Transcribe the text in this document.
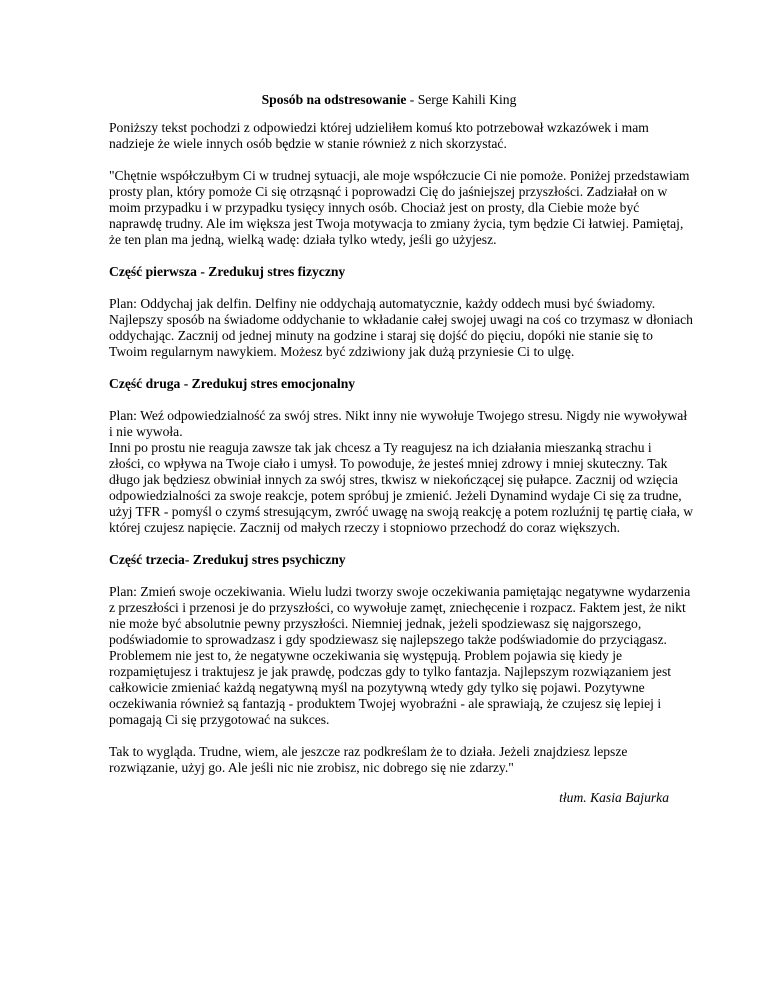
Sposób na odstresowanie - Serge Kahili King

Poniższy tekst pochodzi z odpowiedzi której udzieliłem komuś kto potrzebował wzkazówek i mam
nadzieje że wiele innych osób będzie w stanie również z nich skorzystać.

"Chętnie współczułbym Ci w trudnej sytuacji, ale moje współczucie Ci nie pomoże. Poniżej przedstawiam
prosty plan, który pomoże Ci się otrząsnąć i poprowadzi Cię do jaśniejszej przyszłości. Zadziałał on w
moim przypadku i w przypadku tysięcy innych osób. Chociaż jest on prosty, dla Ciebie może być
naprawdę trudny. Ale im większa jest Twoja motywacja to zmiany życia, tym będzie Ci łatwiej. Pamiętaj,
że ten plan ma jedną, wielką wadę: działa tylko wtedy, jeśli go użyjesz.

Część pierwsza - Zredukuj stres fizyczny

Plan: Oddychaj jak delfin. Delfiny nie oddychają automatycznie, każdy oddech musi być świadomy.
Najlepszy sposób na świadome oddychanie to wkładanie całej swojej uwagi na coś co trzymasz w dłoniach
oddychając. Zacznij od jednej minuty na godzine i staraj się dojść do pięciu, dopóki nie stanie się to
Twoim regularnym nawykiem. Możesz być zdziwiony jak dużą przyniesie Ci to ulgę.

Część druga - Zredukuj stres emocjonalny

Plan: Weź odpowiedzialność za swój stres. Nikt inny nie wywołuje Twojego stresu. Nigdy nie wywoływał
i nie wywoła.
Inni po prostu nie reaguja zawsze tak jak chcesz a Ty reagujesz na ich działania mieszanką strachu i
złości, co wpływa na Twoje ciało i umysł. To powoduje, że jesteś mniej zdrowy i mniej skuteczny. Tak
długo jak będziesz obwiniał innych za swój stres, tkwisz w niekończącej się pułapce. Zacznij od wzięcia
odpowiedzialności za swoje reakcje, potem spróbuj je zmienić. Jeżeli Dynamind wydaje Ci się za trudne,
użyj TFR - pomyśl o czymś stresującym, zwróć uwagę na swoją reakcję a potem rozluźnij tę partię ciała, w
której czujesz napięcie. Zacznij od małych rzeczy i stopniowo przechodź do coraz większych.

Część trzecia- Zredukuj stres psychiczny

Plan: Zmień swoje oczekiwania. Wielu ludzi tworzy swoje oczekiwania pamiętając negatywne wydarzenia
z przeszłości i przenosi je do przyszłości, co wywołuje zamęt, zniechęcenie i rozpacz. Faktem jest, że nikt
nie może być absolutnie pewny przyszłości. Niemniej jednak, jeżeli spodziewasz się najgorszego,
podświadomie to sprowadzasz i gdy spodziewasz się najlepszego także podświadomie do przyciągasz.
Problemem nie jest to, że negatywne oczekiwania się występują. Problem pojawia się kiedy je
rozpamiętujesz i traktujesz je jak prawdę, podczas gdy to tylko fantazja. Najlepszym rozwiązaniem jest
całkowicie zmieniać każdą negatywną myśl na pozytywną wtedy gdy tylko się pojawi. Pozytywne
oczekiwania również są fantazją - produktem Twojej wyobraźni - ale sprawiają, że czujesz się lepiej i
pomagają Ci się przygotować na sukces.

Tak to wygląda. Trudne, wiem, ale jeszcze raz podkreślam że to działa. Jeżeli znajdziesz lepsze
rozwiązanie, użyj go. Ale jeśli nic nie zrobisz, nic dobrego się nie zdarzy."

tłum. Kasia Bajurka
